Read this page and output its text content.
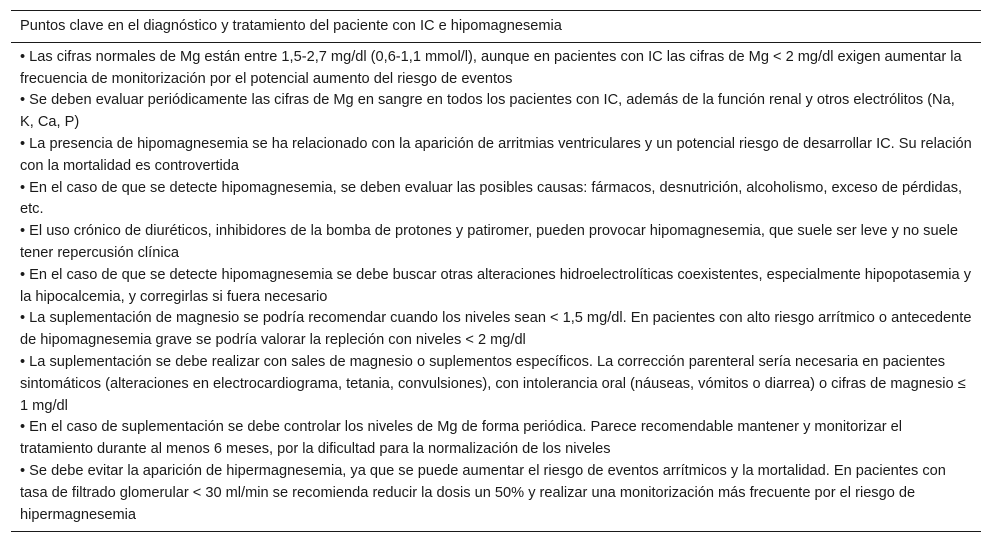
Puntos clave en el diagnóstico y tratamiento del paciente con IC e hipomagnesemia

• Las cifras normales de Mg están entre 1,5-2,7 mg/dl (0,6-1,1 mmol/l), aunque en pacientes con IC las cifras de Mg < 2 mg/dl exigen aumentar la frecuencia de monitorización por el potencial aumento del riesgo de eventos
• Se deben evaluar periódicamente las cifras de Mg en sangre en todos los pacientes con IC, además de la función renal y otros electrólitos (Na, K, Ca, P)
• La presencia de hipomagnesemia se ha relacionado con la aparición de arritmias ventriculares y un potencial riesgo de desarrollar IC. Su relación con la mortalidad es controvertida
• En el caso de que se detecte hipomagnesemia, se deben evaluar las posibles causas: fármacos, desnutrición, alcoholismo, exceso de pérdidas, etc.
• El uso crónico de diuréticos, inhibidores de la bomba de protones y patiromer, pueden provocar hipomagnesemia, que suele ser leve y no suele tener repercusión clínica
• En el caso de que se detecte hipomagnesemia se debe buscar otras alteraciones hidroelectrolíticas coexistentes, especialmente hipopotasemia y la hipocalcemia, y corregirlas si fuera necesario
• La suplementación de magnesio se podría recomendar cuando los niveles sean < 1,5 mg/dl. En pacientes con alto riesgo arrítmico o antecedente de hipomagnesemia grave se podría valorar la repleción con niveles < 2 mg/dl
• La suplementación se debe realizar con sales de magnesio o suplementos específicos. La corrección parenteral sería necesaria en pacientes sintomáticos (alteraciones en electrocardiograma, tetania, convulsiones), con intolerancia oral (náuseas, vómitos o diarrea) o cifras de magnesio ≤ 1 mg/dl
• En el caso de suplementación se debe controlar los niveles de Mg de forma periódica. Parece recomendable mantener y monitorizar el tratamiento durante al menos 6 meses, por la dificultad para la normalización de los niveles
• Se debe evitar la aparición de hipermagnesemia, ya que se puede aumentar el riesgo de eventos arrítmicos y la mortalidad. En pacientes con tasa de filtrado glomerular < 30 ml/min se recomienda reducir la dosis un 50% y realizar una monitorización más frecuente por el riesgo de hipermagnesemia
